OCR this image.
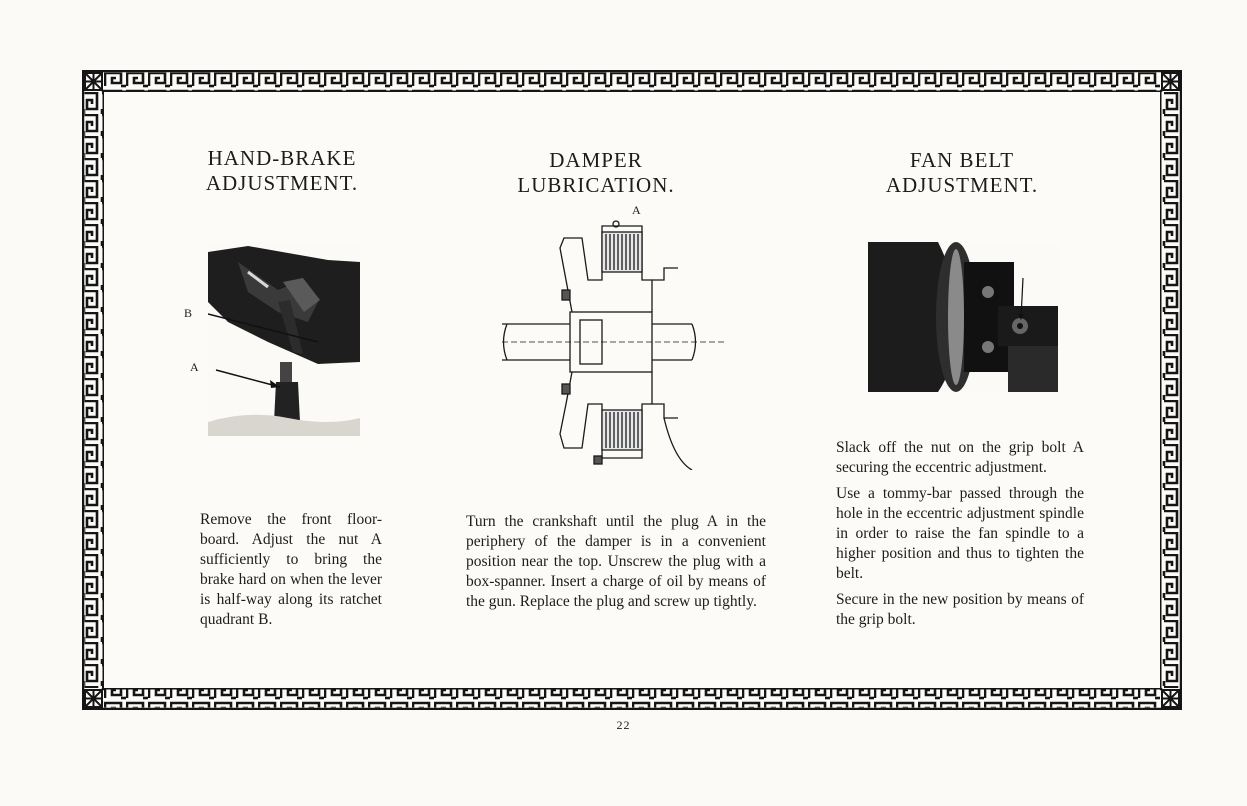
HAND-BRAKE
ADJUSTMENT.
B
A

Remove the front floor-board. Adjust the nut A sufficiently to bring the brake hard on when the lever is half-way along its ratchet quadrant B.

DAMPER
LUBRICATION.
A

Turn the crankshaft until the plug A in the periphery of the damper is in a convenient position near the top. Unscrew the plug with a box-spanner. Insert a charge of oil by means of the gun. Replace the plug and screw up tightly.

FAN BELT
ADJUSTMENT.

Slack off the nut on the grip bolt A securing the eccentric adjustment.

Use a tommy-bar passed through the hole in the eccentric adjustment spindle in order to raise the fan spindle to a higher position and thus to tighten the belt.

Secure in the new position by means of the grip bolt.

22
